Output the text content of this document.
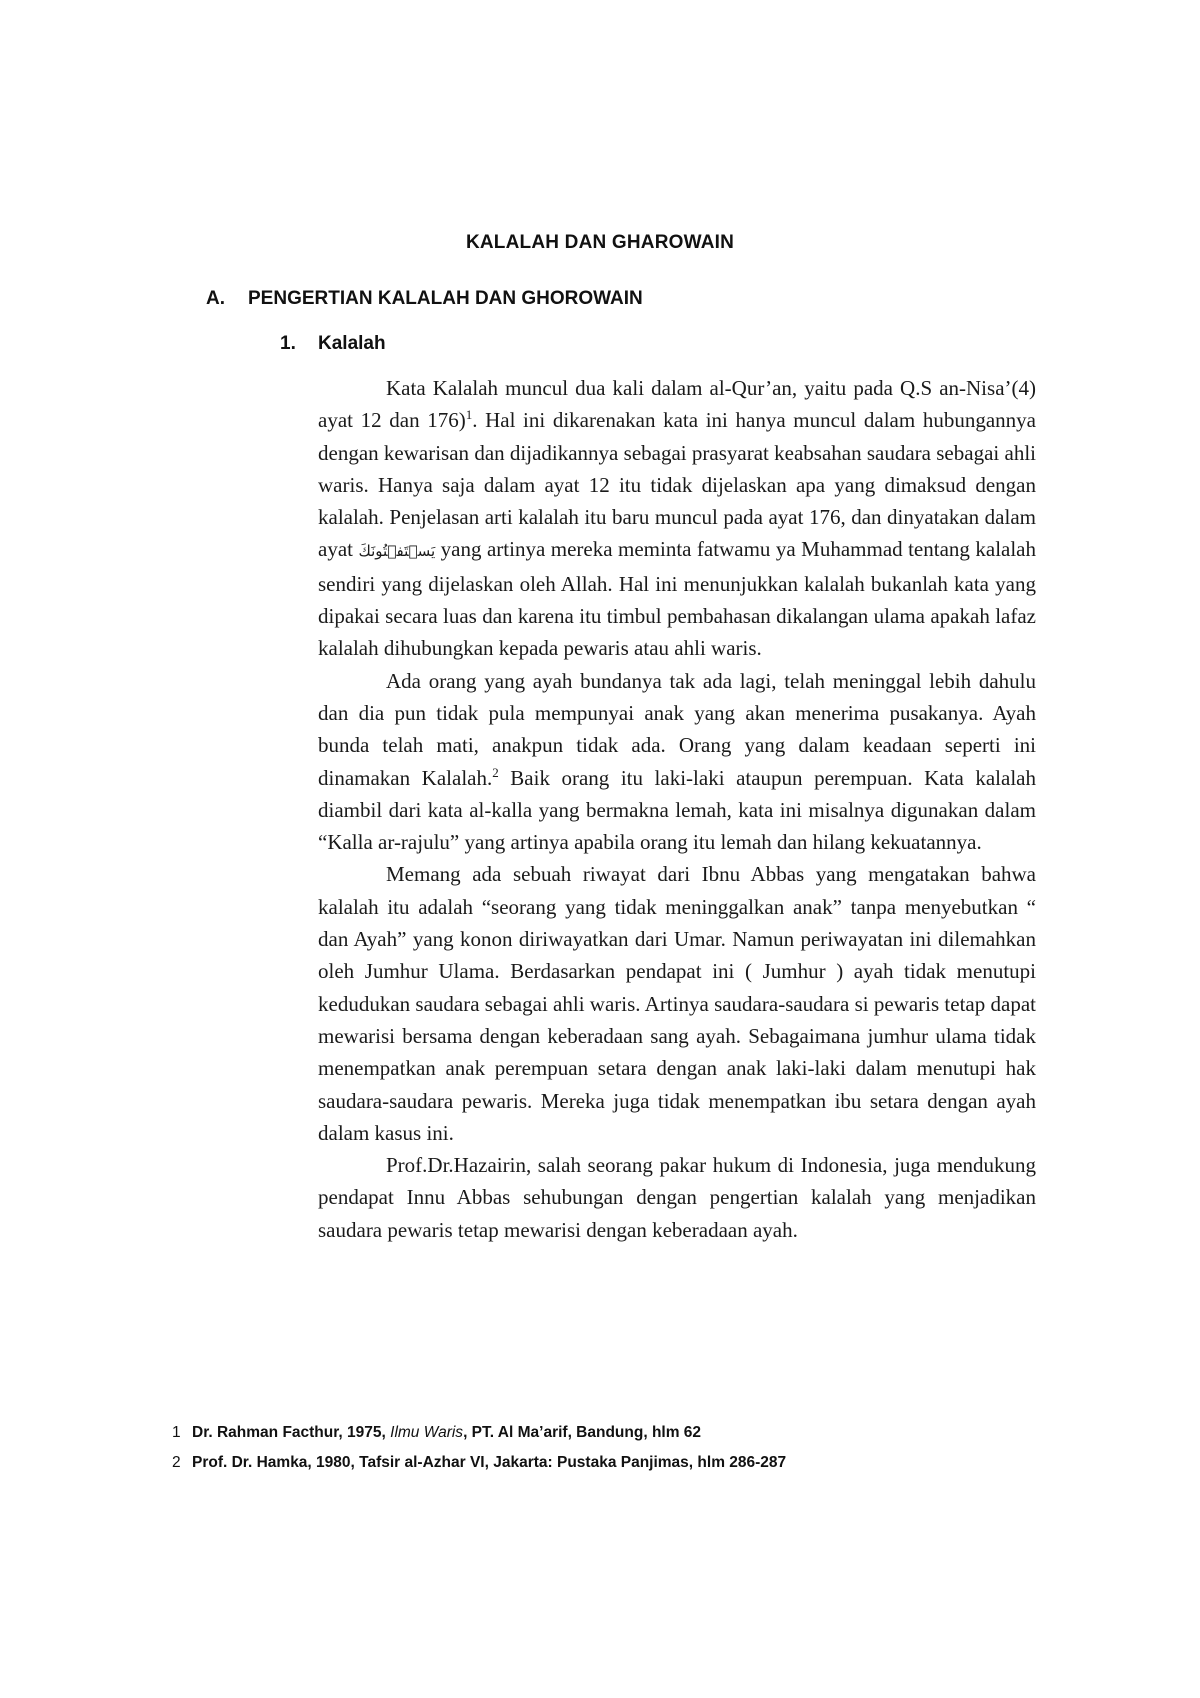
KALALAH DAN GHAROWAIN
A. PENGERTIAN KALALAH DAN GHOROWAIN
1. Kalalah

Kata Kalalah muncul dua kali dalam al-Qur’an, yaitu pada Q.S an-Nisa’(4) ayat 12 dan 176)$^1$. Hal ini dikarenakan kata ini hanya muncul dalam hubungannya dengan kewarisan dan dijadikannya sebagai prasyarat keabsahan saudara sebagai ahli waris. Hanya saja dalam ayat 12 itu tidak dijelaskan apa yang dimaksud dengan kalalah. Penjelasan arti kalalah itu baru muncul pada ayat 176, dan dinyatakan dalam ayat يَسۡتَفۡتُونَكَ yang artinya mereka meminta fatwamu ya Muhammad tentang kalalah sendiri yang dijelaskan oleh Allah. Hal ini menunjukkan kalalah bukanlah kata yang dipakai secara luas dan karena itu timbul pembahasan dikalangan ulama apakah lafaz kalalah dihubungkan kepada pewaris atau ahli waris.

Ada orang yang ayah bundanya tak ada lagi, telah meninggal lebih dahulu dan dia pun tidak pula mempunyai anak yang akan menerima pusakanya. Ayah bunda telah mati, anakpun tidak ada. Orang yang dalam keadaan seperti ini dinamakan Kalalah.$^2$ Baik orang itu laki-laki ataupun perempuan. Kata kalalah diambil dari kata al-kalla yang bermakna lemah, kata ini misalnya digunakan dalam “Kalla ar-rajulu” yang artinya apabila orang itu lemah dan hilang kekuatannya.

Memang ada sebuah riwayat dari Ibnu Abbas yang mengatakan bahwa kalalah itu adalah “seorang yang tidak meninggalkan anak” tanpa menyebutkan “ dan Ayah” yang konon diriwayatkan dari Umar. Namun periwayatan ini dilemahkan oleh Jumhur Ulama. Berdasarkan pendapat ini ( Jumhur ) ayah tidak menutupi kedudukan saudara sebagai ahli waris. Artinya saudara-saudara si pewaris tetap dapat mewarisi bersama dengan keberadaan sang ayah. Sebagaimana jumhur ulama tidak menempatkan anak perempuan setara dengan anak laki-laki dalam menutupi hak saudara-saudara pewaris. Mereka juga tidak menempatkan ibu setara dengan ayah dalam kasus ini.

Prof.Dr.Hazairin, salah seorang pakar hukum di Indonesia, juga mendukung pendapat Innu Abbas sehubungan dengan pengertian kalalah yang menjadikan saudara pewaris tetap mewarisi dengan keberadaan ayah.

1 Dr. Rahman Facthur, 1975, Ilmu Waris, PT. Al Ma’arif, Bandung, hlm 62
2 Prof. Dr. Hamka, 1980, Tafsir al-Azhar VI, Jakarta: Pustaka Panjimas, hlm 286-287
